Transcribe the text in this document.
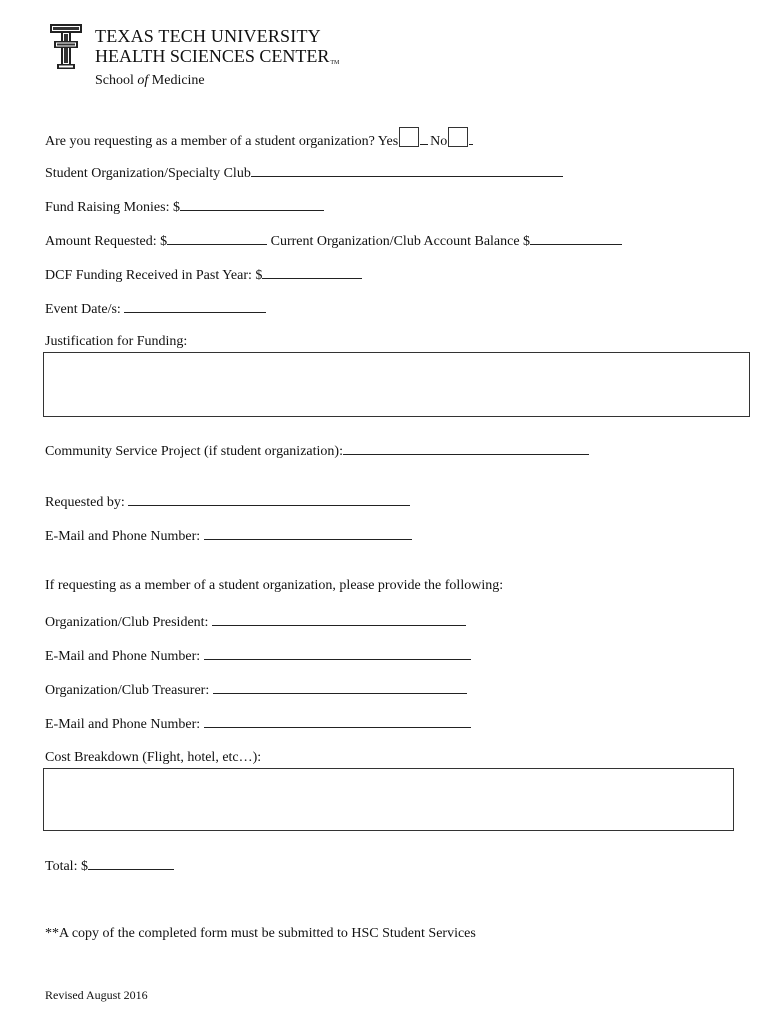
TEXAS TECH UNIVERSITY
HEALTH SCIENCES CENTERTM
School of Medicine
Are you requesting as a member of a student organization? Yes No
Student Organization/Specialty Club
Fund Raising Monies: $
Amount Requested: $	Current Organization/Club Account Balance $
DCF Funding Received in Past Year: $
Event Date/s:
Justification for Funding:
Community Service Project (if student organization):
Requested by:
E-Mail and Phone Number:
If requesting as a member of a student organization, please provide the following:
Organization/Club President:
E-Mail and Phone Number:
Organization/Club Treasurer:
E-Mail and Phone Number:
Cost Breakdown (Flight, hotel, etc…):
Total: $
**A copy of the completed form must be submitted to HSC Student Services
Revised August 2016
